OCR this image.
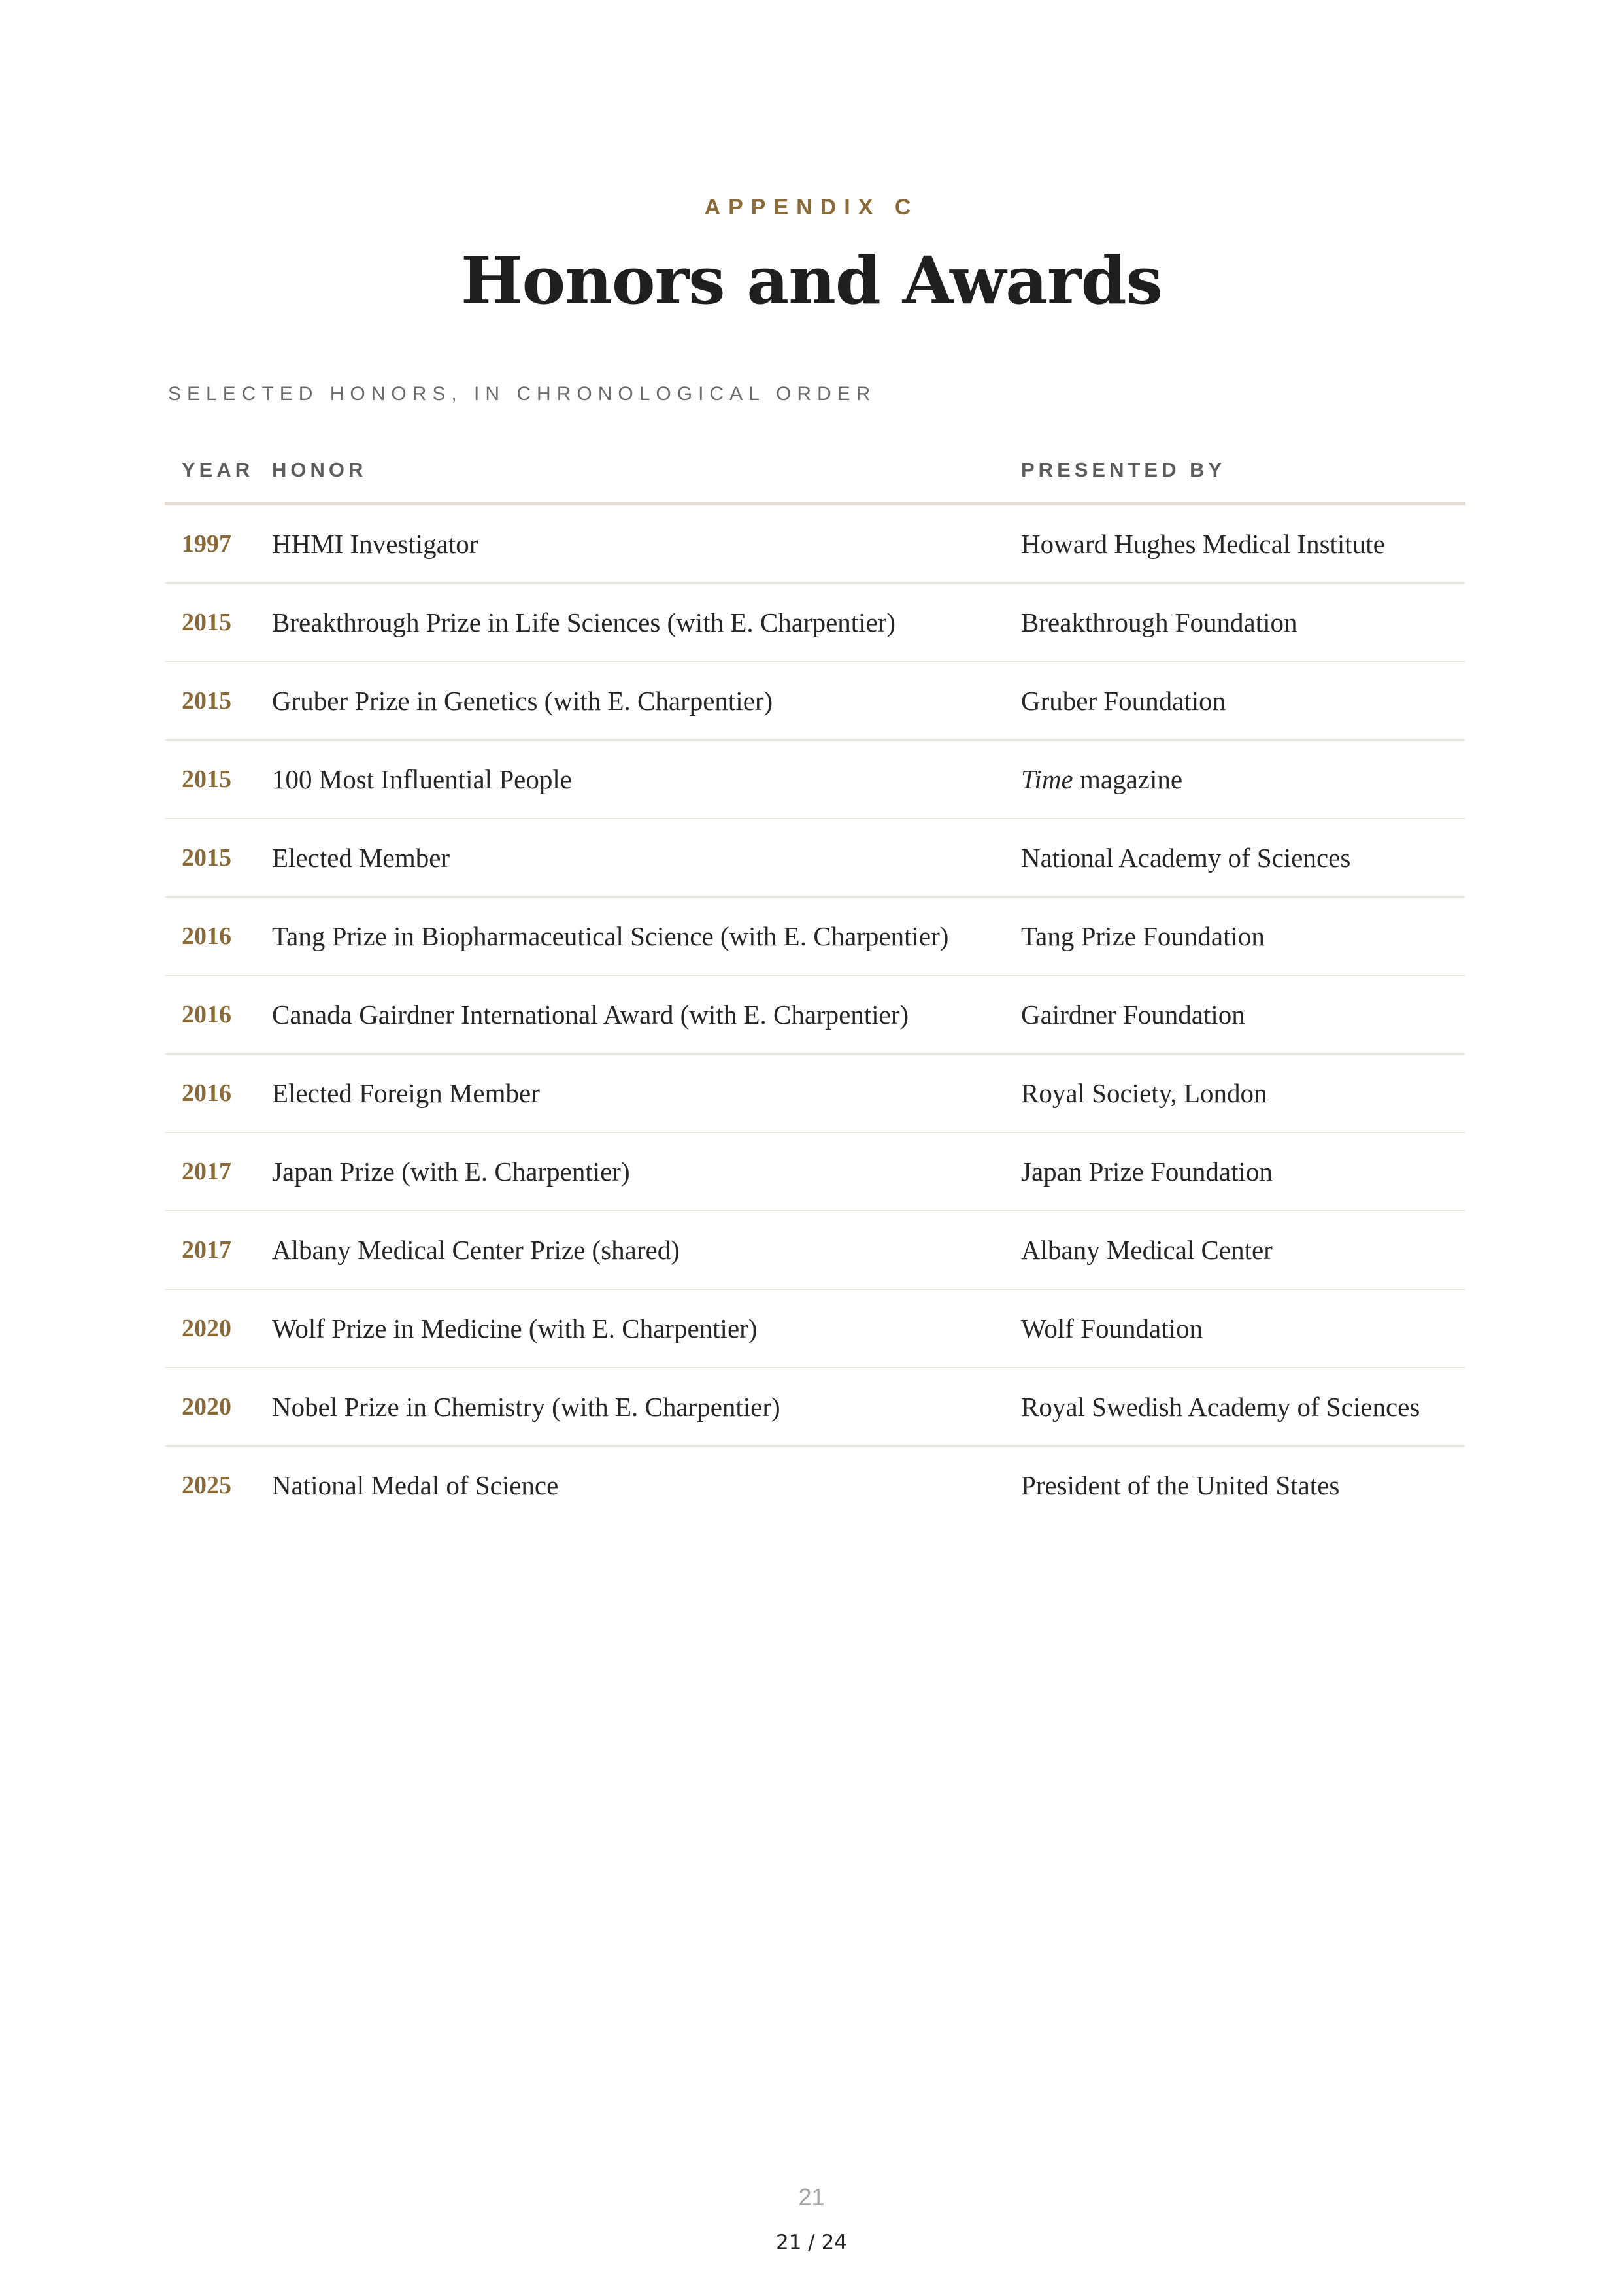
APPENDIX C
Honors and Awards
SELECTED HONORS, IN CHRONOLOGICAL ORDER
YEAR	HONOR	PRESENTED BY
1997	HHMI Investigator	Howard Hughes Medical Institute
2015	Breakthrough Prize in Life Sciences (with E. Charpentier)	Breakthrough Foundation
2015	Gruber Prize in Genetics (with E. Charpentier)	Gruber Foundation
2015	100 Most Influential People	Time magazine
2015	Elected Member	National Academy of Sciences
2016	Tang Prize in Biopharmaceutical Science (with E. Charpentier)	Tang Prize Foundation
2016	Canada Gairdner International Award (with E. Charpentier)	Gairdner Foundation
2016	Elected Foreign Member	Royal Society, London
2017	Japan Prize (with E. Charpentier)	Japan Prize Foundation
2017	Albany Medical Center Prize (shared)	Albany Medical Center
2020	Wolf Prize in Medicine (with E. Charpentier)	Wolf Foundation
2020	Nobel Prize in Chemistry (with E. Charpentier)	Royal Swedish Academy of Sciences
2025	National Medal of Science	President of the United States
21
21 / 24
